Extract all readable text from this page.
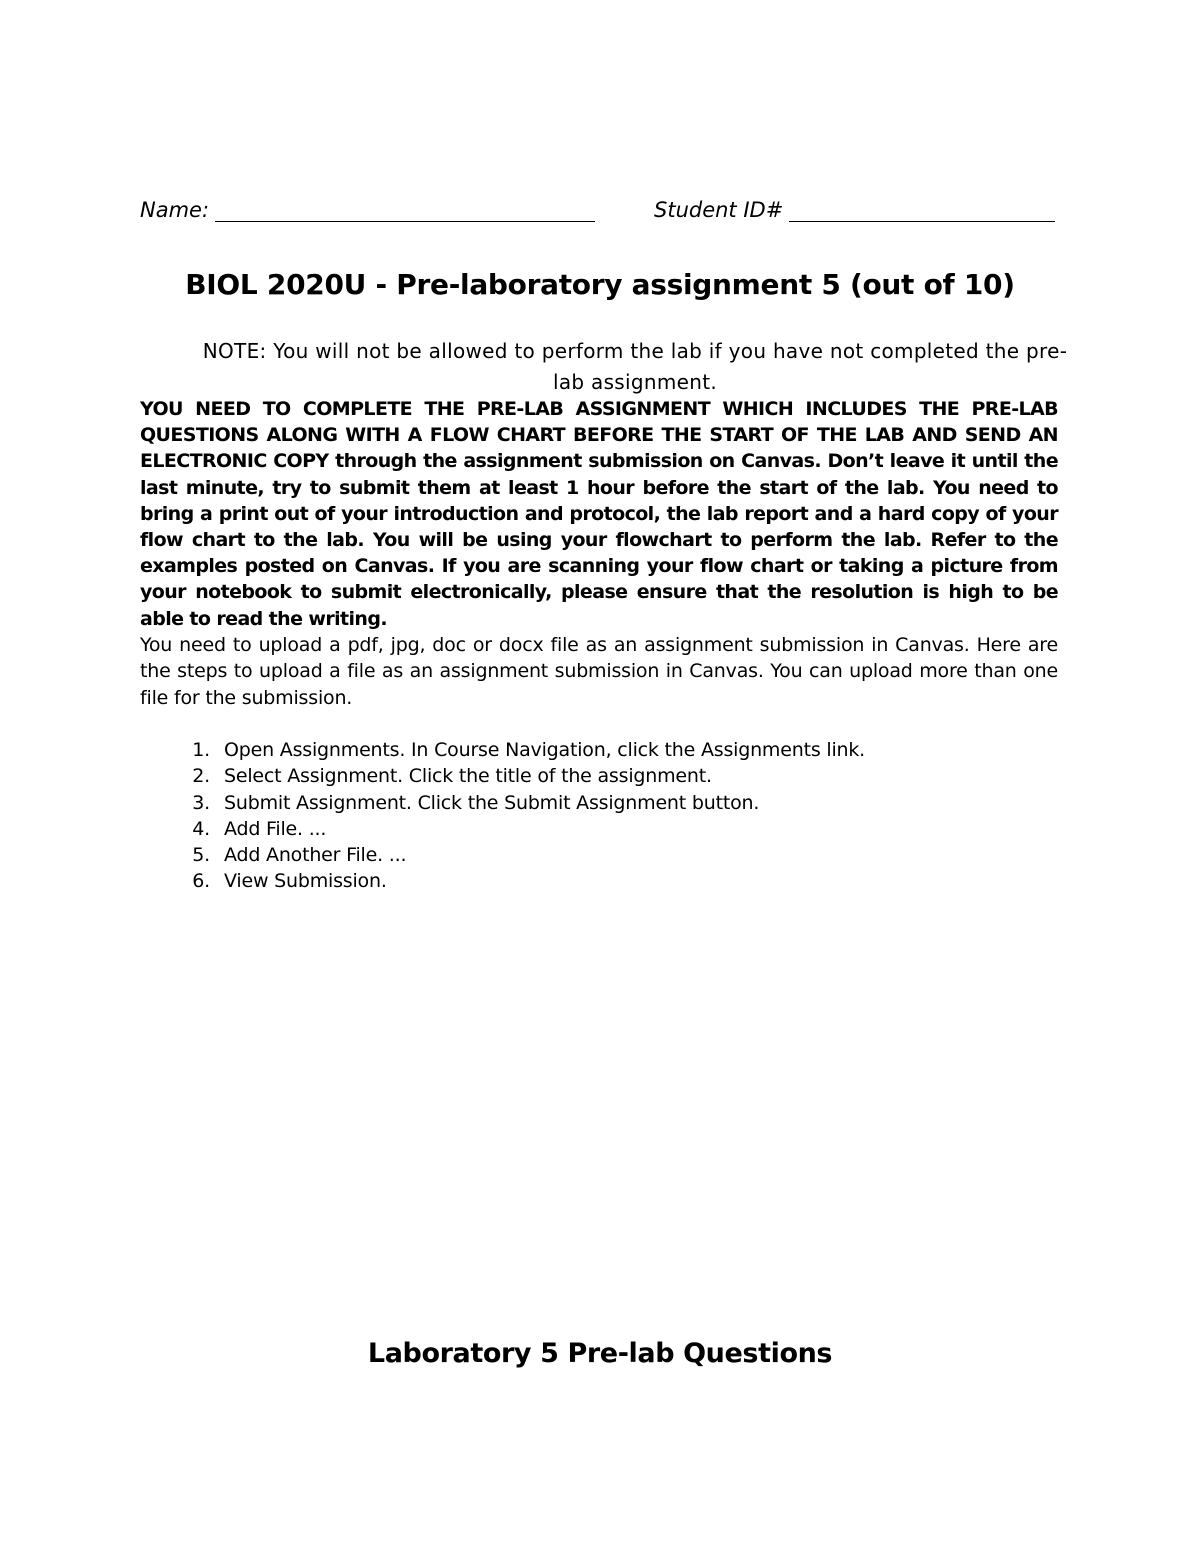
Name:	Student ID#
BIOL 2020U - Pre-laboratory assignment 5 (out of 10)
NOTE: You will not be allowed to perform the lab if you have not completed the pre-lab assignment.
YOU NEED TO COMPLETE THE PRE-LAB ASSIGNMENT WHICH INCLUDES THE PRE-LAB QUESTIONS ALONG WITH A FLOW CHART BEFORE THE START OF THE LAB AND SEND AN ELECTRONIC COPY through the assignment submission on Canvas. Don’t leave it until the last minute, try to submit them at least 1 hour before the start of the lab. You need to bring a print out of your introduction and protocol, the lab report and a hard copy of your flow chart to the lab. You will be using your flowchart to perform the lab. Refer to the examples posted on Canvas. If you are scanning your flow chart or taking a picture from your notebook to submit electronically, please ensure that the resolution is high to be able to read the writing.
You need to upload a pdf, jpg, doc or docx file as an assignment submission in Canvas. Here are the steps to upload a file as an assignment submission in Canvas. You can upload more than one file for the submission.
1. Open Assignments. In Course Navigation, click the Assignments link.
2. Select Assignment. Click the title of the assignment.
3. Submit Assignment. Click the Submit Assignment button.
4. Add File. ...
5. Add Another File. ...
6. View Submission.
Laboratory 5 Pre-lab Questions
